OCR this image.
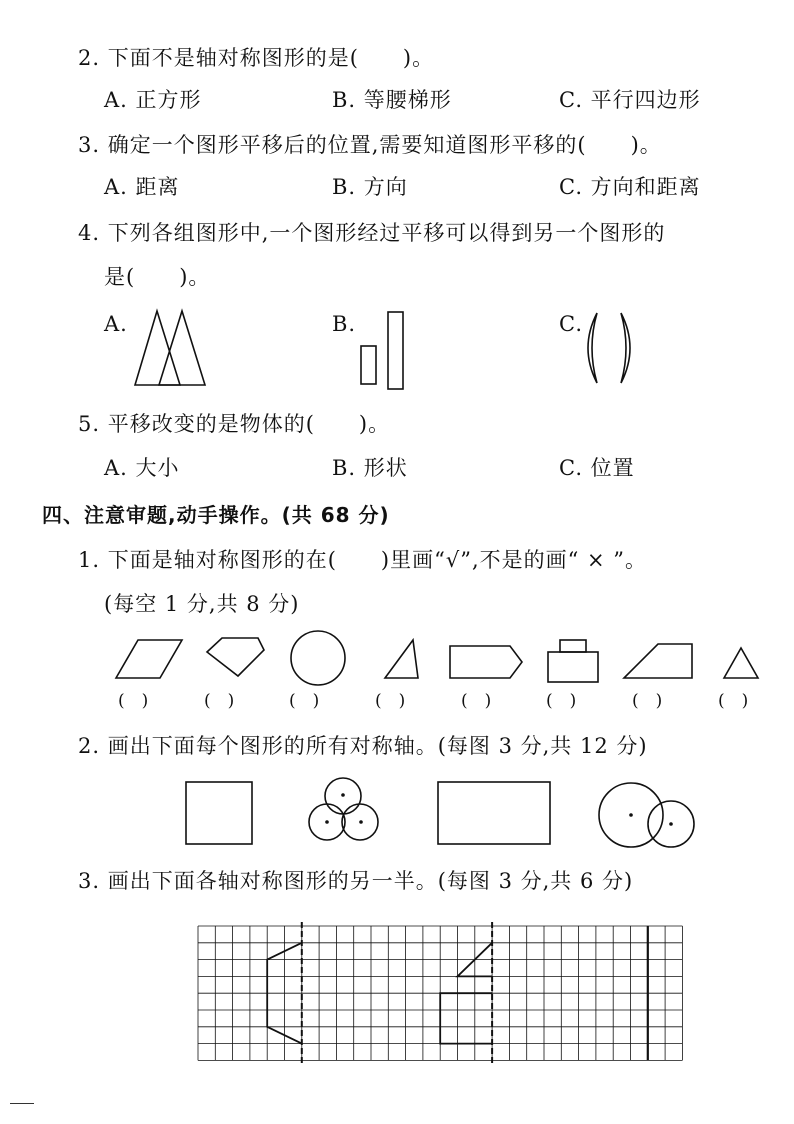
2. 下面不是轴对称图形的是(　　)。
A. 正方形	B. 等腰梯形	C. 平行四边形
3. 确定一个图形平移后的位置,需要知道图形平移的(　　)。
A. 距离	B. 方向	C. 方向和距离
4. 下列各组图形中,一个图形经过平移可以得到另一个图形的
是(　　)。
A.	B.	C.
5. 平移改变的是物体的(　　)。
A. 大小	B. 形状	C. 位置
四、注意审题,动手操作。(共 68 分)
1. 下面是轴对称图形的在(　　)里画“√”,不是的画“ × ”。
(每空 1 分,共 8 分)
(　)	(　)	(　)	(　)	(　)	(　)	(　)	(　)
2. 画出下面每个图形的所有对称轴。(每图 3 分,共 12 分)
3. 画出下面各轴对称图形的另一半。(每图 3 分,共 6 分)
